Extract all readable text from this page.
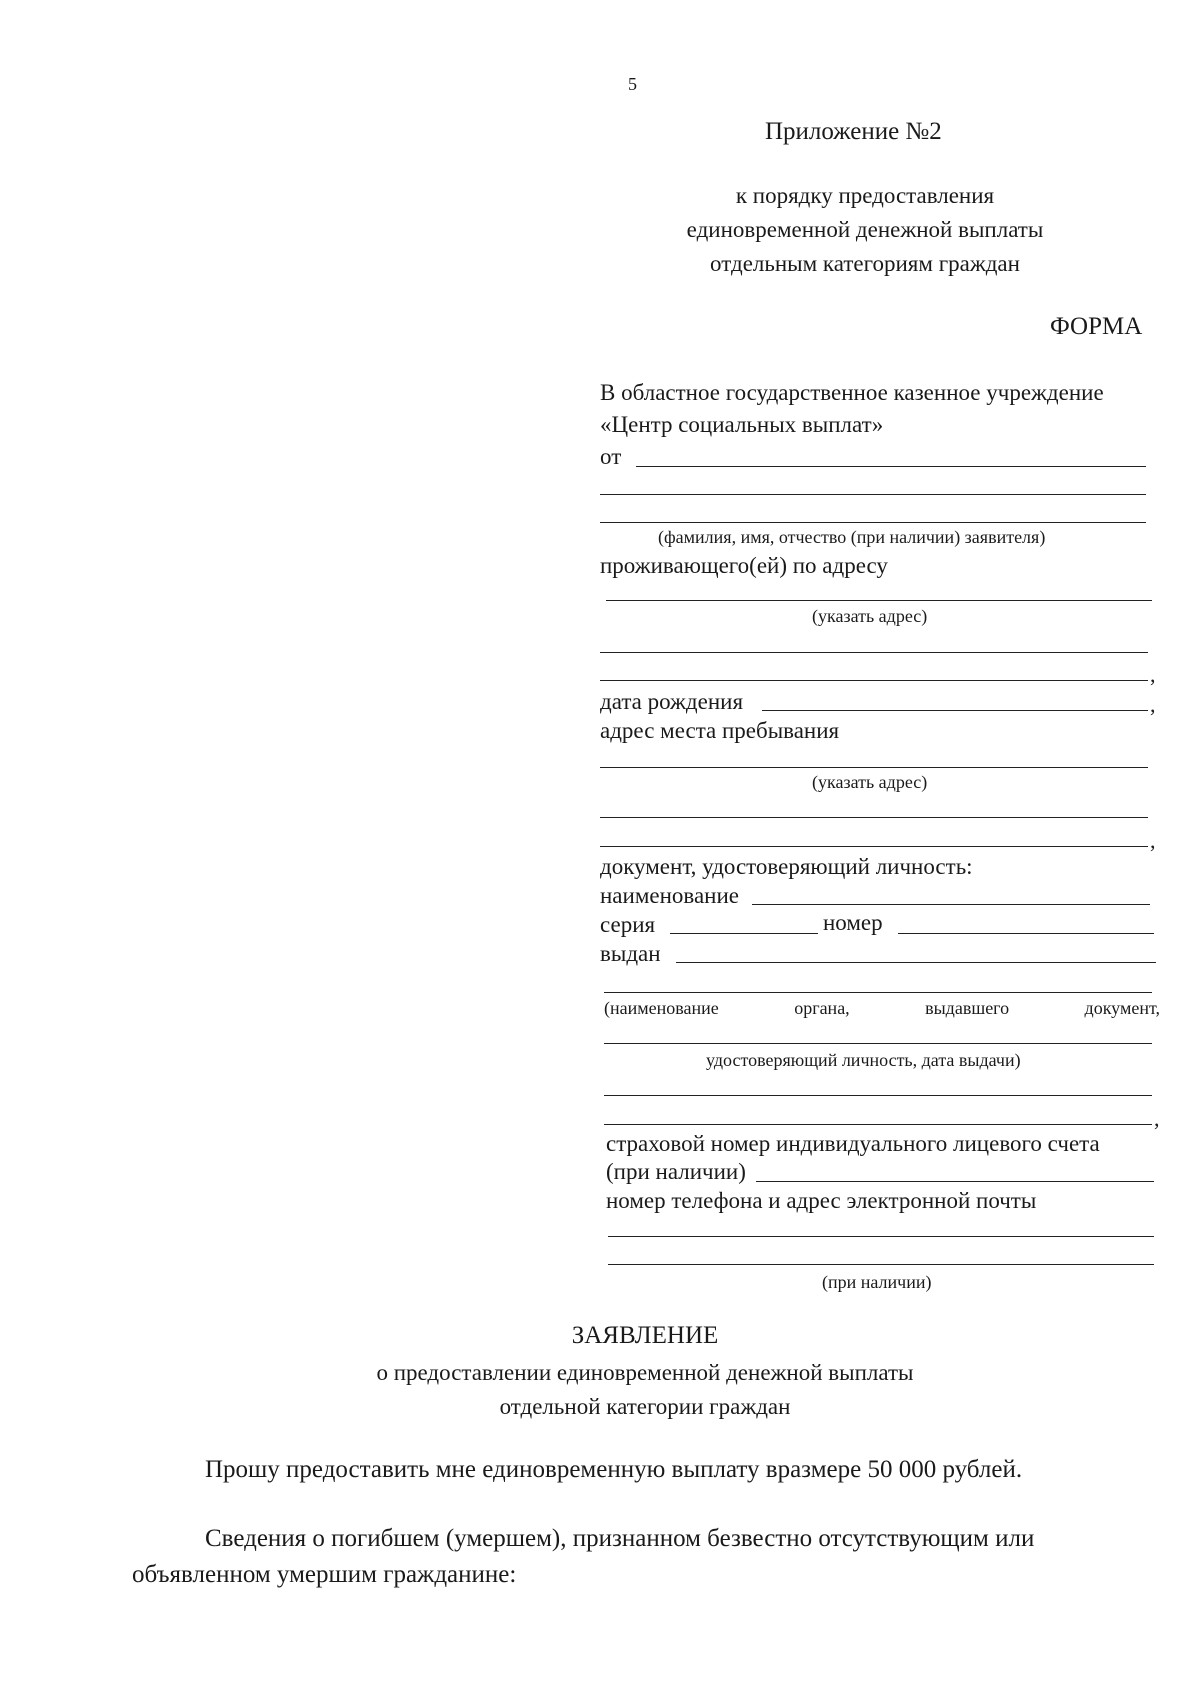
5
Приложение №2
к порядку предоставления
единовременной денежной выплаты
отдельным категориям граждан
ФОРМА
В областное государственное казенное учреждение
«Центр социальных выплат»
от
(фамилия, имя, отчество (при наличии) заявителя)
проживающего(ей) по адресу
(указать адрес)
,
дата рождения	,
адрес места пребывания
(указать адрес)
,
документ, удостоверяющий личность:
наименование
серия	номер
выдан
(наименование	органа,	выдавшего	документ,
удостоверяющий личность, дата выдачи)
,
страховой номер индивидуального лицевого счета
(при наличии)
номер телефона и адрес электронной почты
(при наличии)
ЗАЯВЛЕНИЕ
о предоставлении единовременной денежной выплаты
отдельной категории граждан
Прошу предоставить мне единовременную выплату вразмере 50 000 рублей.
Сведения о погибшем (умершем), признанном безвестно отсутствующим или
объявленном умершим гражданине:
